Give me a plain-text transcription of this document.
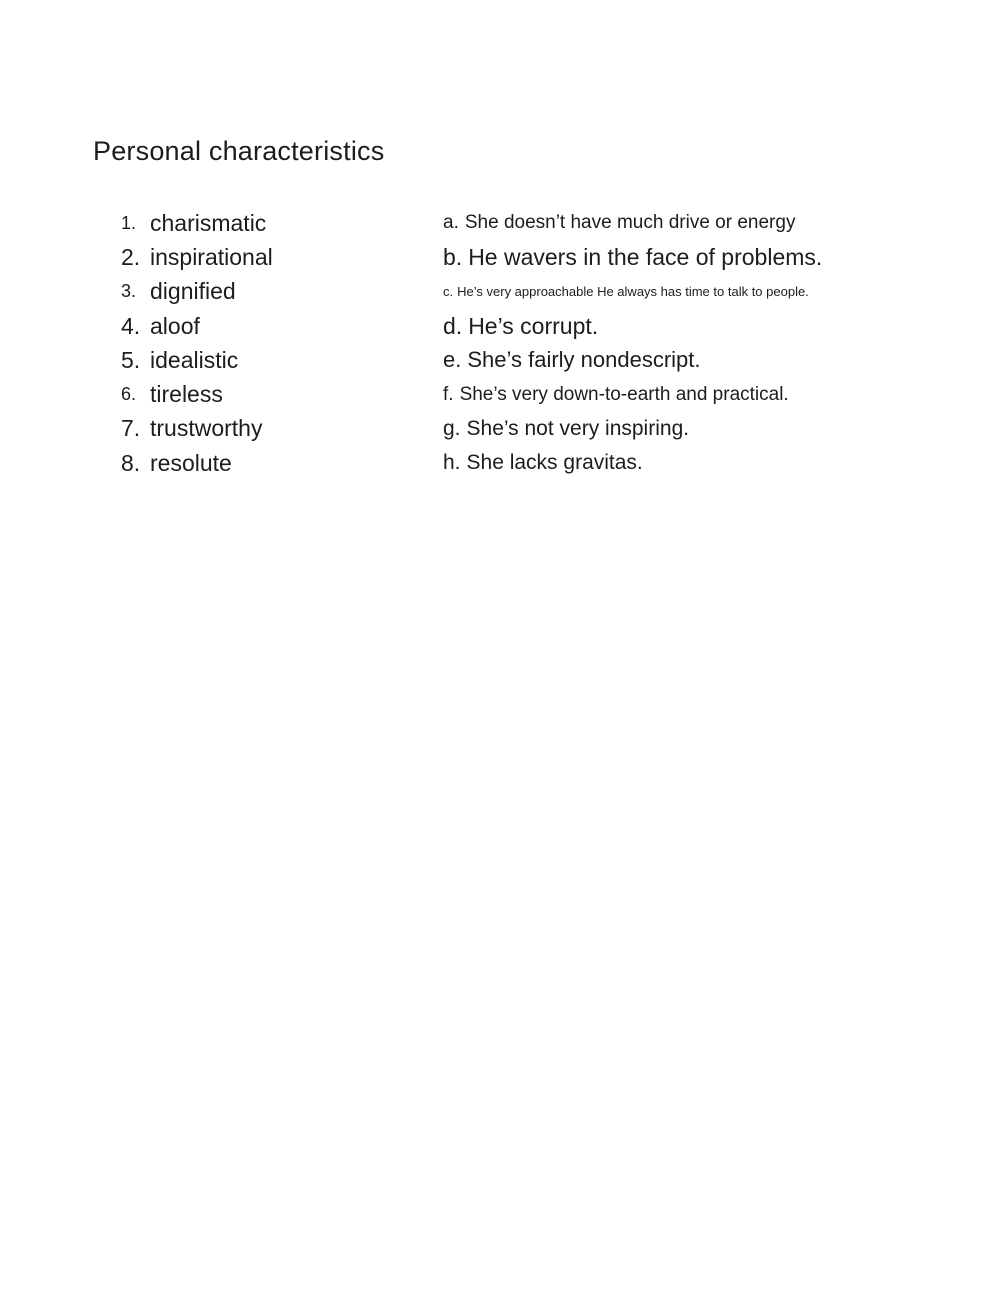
Personal characteristics
1. charismatic
2. inspirational
3. dignified
4. aloof
5. idealistic
6. tireless
7. trustworthy
8. resolute
a. She doesn’t have much drive or energy
b. He wavers in the face of problems.
c. He’s very approachable He always has time to talk to people.
d. He’s corrupt.
e. She’s fairly nondescript.
f. She’s very down-to-earth and practical.
g. She’s not very inspiring.
h. She lacks gravitas.
